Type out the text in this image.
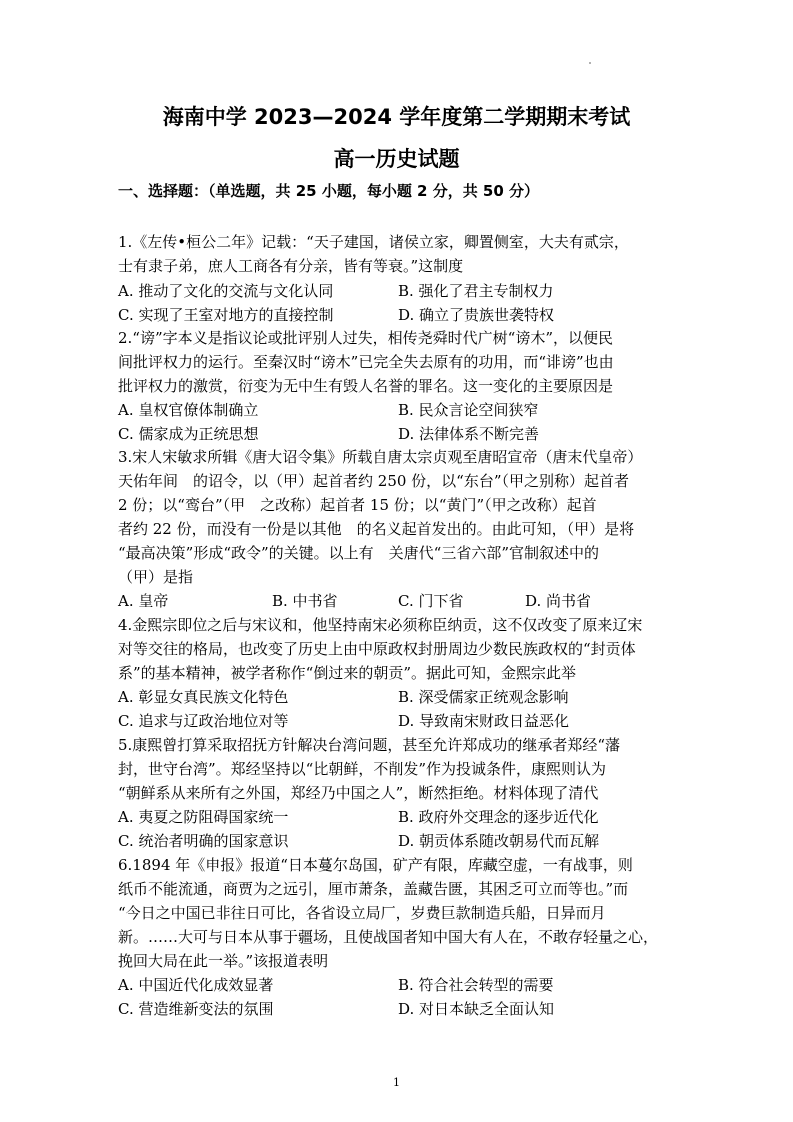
海南中学 2023—2024 学年度第二学期期末考试
高一历史试题
一、选择题：（单选题，共 25 小题，每小题 2 分，共 50 分）
1.《左传•桓公二年》记载：“天子建国，诸侯立家，卿置侧室，大夫有贰宗，
士有隶子弟，庶人工商各有分亲，皆有等衰。”这制度
A. 推动了文化的交流与文化认同	B. 强化了君主专制权力
C. 实现了王室对地方的直接控制	D. 确立了贵族世袭特权
2.“谤”字本义是指议论或批评别人过失，相传尧舜时代广树“谤木”，以便民
间批评权力的运行。至秦汉时“谤木”已完全失去原有的功用，而“诽谤”也由
批评权力的激赏，衍变为无中生有毁人名誉的罪名。这一变化的主要原因是
A. 皇权官僚体制确立	B. 民众言论空间狭窄
C. 儒家成为正统思想	D. 法律体系不断完善
3.宋人宋敏求所辑《唐大诏令集》所载自唐太宗贞观至唐昭宣帝（唐末代皇帝）
天佑年间　的诏令，以（甲）起首者约 250 份，以“东台”（甲之别称）起首者
2 份；以“鸾台”（甲　之改称）起首者 15 份；以“黄门”（甲之改称）起首
者约 22 份，而没有一份是以其他　的名义起首发出的。由此可知，（甲）是将
“最高决策”形成“政令”的关键。以上有　关唐代“三省六部”官制叙述中的
（甲）是指
A. 皇帝	B. 中书省	C. 门下省	D. 尚书省
4.金熙宗即位之后与宋议和，他坚持南宋必须称臣纳贡，这不仅改变了原来辽宋
对等交往的格局，也改变了历史上由中原政权封册周边少数民族政权的“封贡体
系”的基本精神，被学者称作“倒过来的朝贡”。据此可知，金熙宗此举
A. 彰显女真民族文化特色	B. 深受儒家正统观念影响
C. 追求与辽政治地位对等	D. 导致南宋财政日益恶化
5.康熙曾打算采取招抚方针解决台湾问题，甚至允许郑成功的继承者郑经“藩
封，世守台湾”。郑经坚持以“比朝鲜，不削发”作为投诚条件，康熙则认为
“朝鲜系从来所有之外国，郑经乃中国之人”，断然拒绝。材料体现了清代
A. 夷夏之防阻碍国家统一	B. 政府外交理念的逐步近代化
C. 统治者明确的国家意识	D. 朝贡体系随改朝易代而瓦解
6.1894 年《申报》报道“日本蔓尔岛国，矿产有限，库藏空虚，一有战事，则
纸币不能流通，商贾为之远引，厘市萧条，盖藏告匮，其困乏可立而等也。”而
“今日之中国已非往日可比，各省设立局厂，岁费巨款制造兵船，日异而月
新。……大可与日本从事于疆场，且使战国者知中国大有人在，不敢存轻量之心，
挽回大局在此一举。”该报道表明
A. 中国近代化成效显著	B. 符合社会转型的需要
C. 营造维新变法的氛围	D. 对日本缺乏全面认知
1
